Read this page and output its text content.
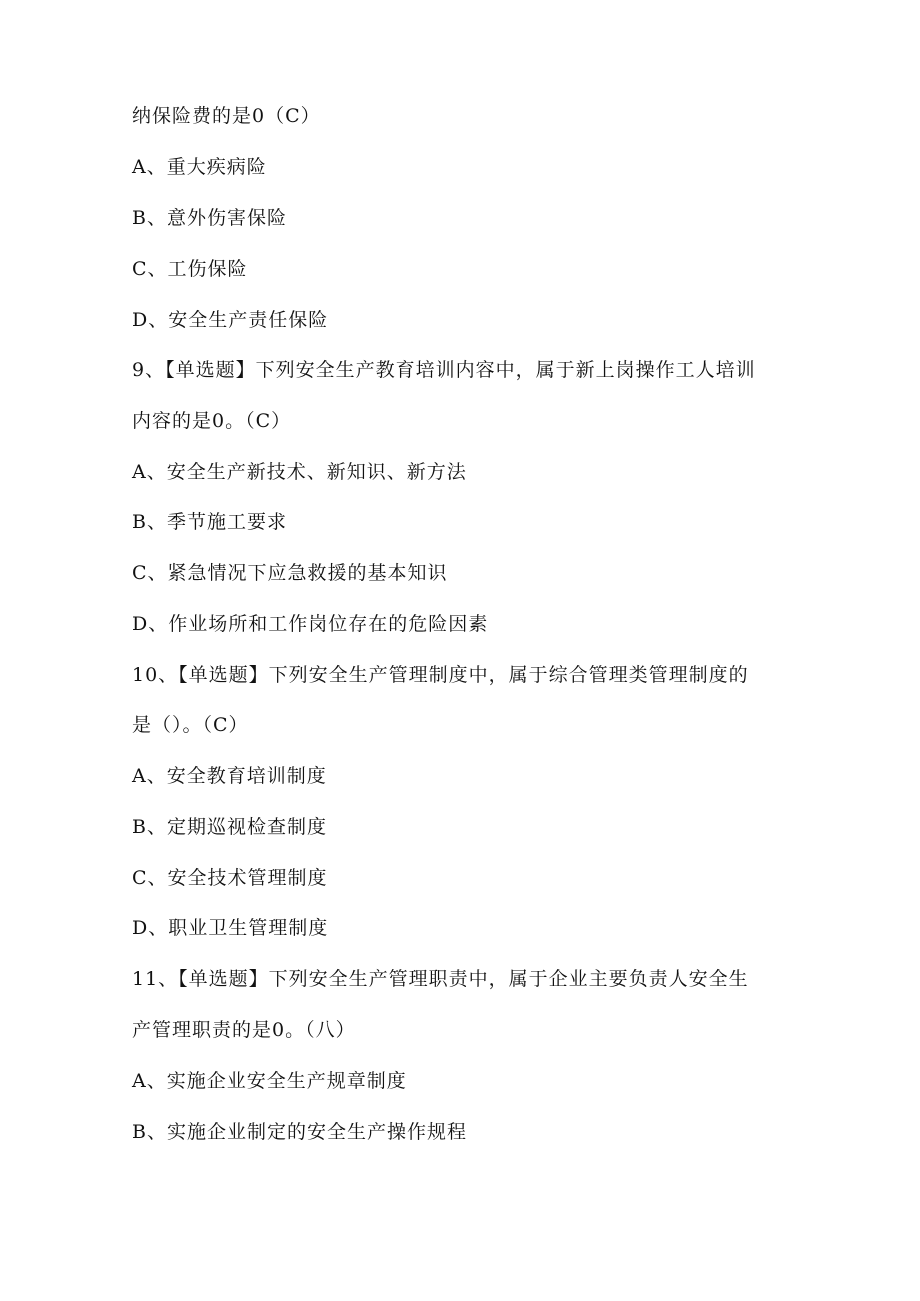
纳保险费的是0（C）
A、重大疾病险
B、意外伤害保险
C、工伤保险
D、安全生产责任保险
9、【单选题】下列安全生产教育培训内容中，属于新上岗操作工人培训
内容的是0。（C）
A、安全生产新技术、新知识、新方法
B、季节施工要求
C、紧急情况下应急救援的基本知识
D、作业场所和工作岗位存在的危险因素
10、【单选题】下列安全生产管理制度中，属于综合管理类管理制度的
是（）。（C）
A、安全教育培训制度
B、定期巡视检查制度
C、安全技术管理制度
D、职业卫生管理制度
11、【单选题】下列安全生产管理职责中，属于企业主要负责人安全生
产管理职责的是0。（八）
A、实施企业安全生产规章制度
B、实施企业制定的安全生产操作规程
